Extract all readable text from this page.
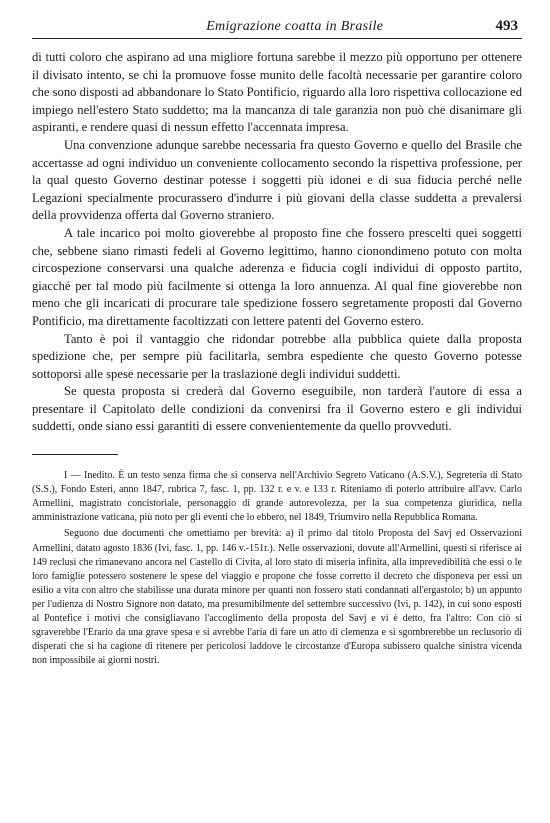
Emigrazione coatta in Brasile	493

di tutti coloro che aspirano ad una migliore fortuna sarebbe il mezzo più opportuno per ottenere il divisato intento, se chi la promuove fosse munito delle facoltà necessarie per garantire coloro che sono disposti ad abbandonare lo Stato Pontificio, riguardo alla loro rispettiva collocazione ed impiego nell'estero Stato suddetto; ma la mancanza di tale garanzia non può che disanimare gli aspiranti, e rendere quasi di nessun effetto l'accennata impresa.

Una convenzione adunque sarebbe necessaria fra questo Governo e quello del Brasile che accertasse ad ogni individuo un conveniente collocamento secondo la rispettiva professione, per la qual questo Governo destinar potesse i soggetti più idonei e di sua fiducia perché nelle Legazioni specialmente procurassero d'indurre i più giovani della classe suddetta a prevalersi della provvidenza offerta dal Governo straniero.

A tale incarico poi molto gioverebbe al proposto fine che fossero prescelti quei soggetti che, sebbene siano rimasti fedeli al Governo legittimo, hanno cionondimeno potuto con molta circospezione conservarsi una qualche aderenza e fiducia cogli individui di opposto partito, giacché per tal modo più facilmente si ottenga la loro annuenza. Al qual fine gioverebbe non meno che gli incaricati di procurare tale spedizione fossero segretamente proposti dal Governo Pontificio, ma direttamente facoltizzati con lettere patenti del Governo estero.

Tanto è poi il vantaggio che ridondar potrebbe alla pubblica quiete dalla proposta spedizione che, per sempre più facilitarla, sembra espediente che questo Governo potesse sottoporsi alle spese necessarie per la traslazione degli individui suddetti.

Se questa proposta si crederà dal Governo eseguibile, non tarderà l'autore di essa a presentare il Capitolato delle condizioni da convenirsi fra il Governo estero e gli individui suddetti, onde siano essi garantiti di essere convenientemente da quello provveduti.

I — Inedito. È un testo senza firma che si conserva nell'Archivio Segreto Vaticano (A.S.V.), Segreteria di Stato (S.S.), Fondo Esteri, anno 1847, rubrica 7, fasc. 1, pp. 132 r. e v. e 133 r. Riteniamo di poterlo attribuire all'avv. Carlo Armellini, magistrato concistoriale, personaggio di grande autorevolezza, per la sua competenza giuridica, nella amministrazione vaticana, più noto per gli eventi che lo ebbero, nel 1849, Triumviro nella Repubblica Romana.

Seguono due documenti che omettiamo per brevità: a) il primo dal titolo Proposta del Savj ed Osservazioni Armellini, datato agosto 1836 (Ivi, fasc. 1, pp. 146 v.-151r.). Nelle osservazioni, dovute all'Armellini, questi si riferisce ai 149 reclusi che rimanevano ancora nel Castello di Civita, al loro stato di miseria infinita, alla imprevedibilità che essi o le loro famiglie potessero sostenere le spese del viaggio e propone che fosse corretto il decreto che disponeva per essi un esilio a vita con altro che stabilisse una durata minore per quanti non fossero stati condannati all'ergastolo; b) un appunto per l'udienza di Nostro Signore non datato, ma presumibilmente del settembre successivo (Ivi, p. 142), in cui sono esposti al Pontefice i motivi che consigliavano l'accoglimento della proposta del Savj e vi è detto, fra l'altro: Con ciò si sgraverebbe l'Erario da una grave spesa e si avrebbe l'aria di fare un atto di clemenza e si sgombrerebbe un reclusorio di disperati che si ha cagione di ritenere per pericolosi laddove le circostanze d'Europa subissero qualche sinistra vicenda non impossibile ai giorni nostri.
